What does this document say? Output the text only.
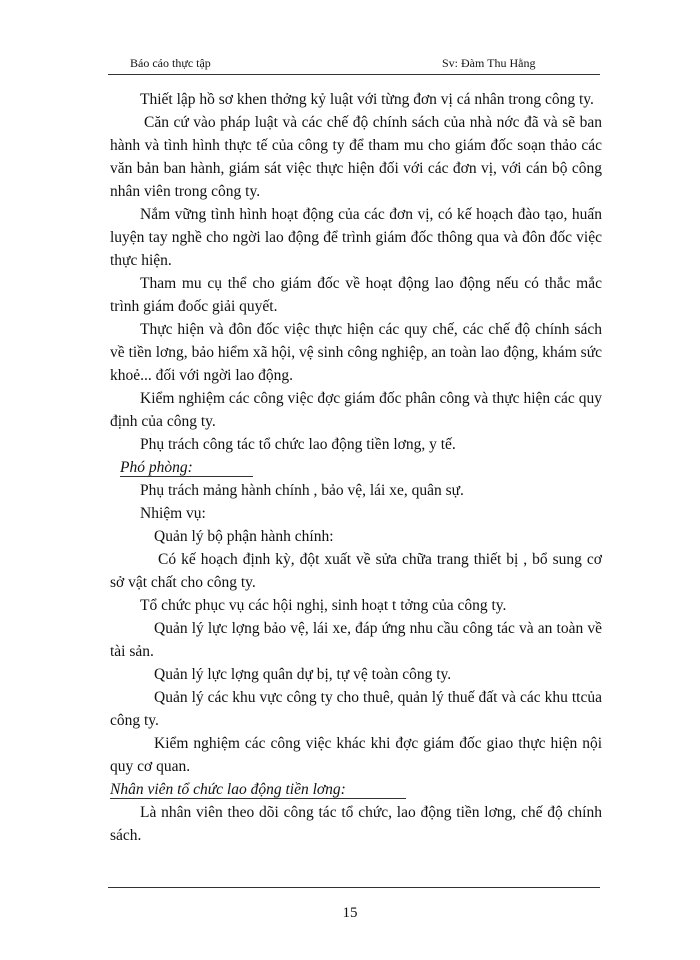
Báo cáo thực tập	Sv: Đàm Thu Hằng

Thiết lập hồ sơ khen thởng kỷ luật với từng đơn vị cá nhân trong công ty.

Căn cứ vào pháp luật và các chế độ chính sách của nhà nớc đã và sẽ ban hành và tình hình thực tế của công ty để tham mu cho giám đốc soạn thảo các văn bản ban hành, giám sát việc thực hiện đối với các đơn vị, với cán bộ công nhân viên trong công ty.

Nắm vững tình hình hoạt động của các đơn vị, có kế hoạch đào tạo, huấn luyện tay nghề cho ngời lao động để trình giám đốc thông qua và đôn đốc việc thực hiện.

Tham mu cụ thể cho giám đốc về hoạt động lao động nếu có thắc mắc trình giám đoốc giải quyết.

Thực hiện và đôn đốc việc thực hiện các quy chế, các chế độ chính sách về tiền lơng, bảo hiểm xã hội, vệ sinh công nghiệp, an toàn lao động, khám sức khoẻ... đối với ngời lao động.

Kiểm nghiệm các công việc đợc giám đốc phân công và thực hiện các quy định của công ty.

Phụ trách công tác tổ chức lao động tiền lơng, y tế.

Phó phòng:

Phụ trách mảng hành chính , bảo vệ, lái xe, quân sự.

Nhiệm vụ:

Quản lý bộ phận hành chính:

Có kế hoạch định kỳ, đột xuất về sửa chữa trang thiết bị , bổ sung cơ sở vật chất cho công ty.

Tổ chức phục vụ các hội nghị, sinh hoạt t tởng của công ty.

Quản lý lực lợng bảo vệ, lái xe, đáp ứng nhu cầu công tác và an toàn về tài sản.

Quản lý lực lợng quân dự bị, tự vệ toàn công ty.

Quản lý các khu vực công ty cho thuê, quản lý thuế đất và các khu ttcủa công ty.

Kiểm nghiệm các công việc khác khi đợc giám đốc giao thực hiện nội quy cơ quan.

Nhân viên tổ chức lao động tiền lơng:

Là nhân viên theo dõi công tác tổ chức, lao động tiền lơng, chế độ chính sách.

15
